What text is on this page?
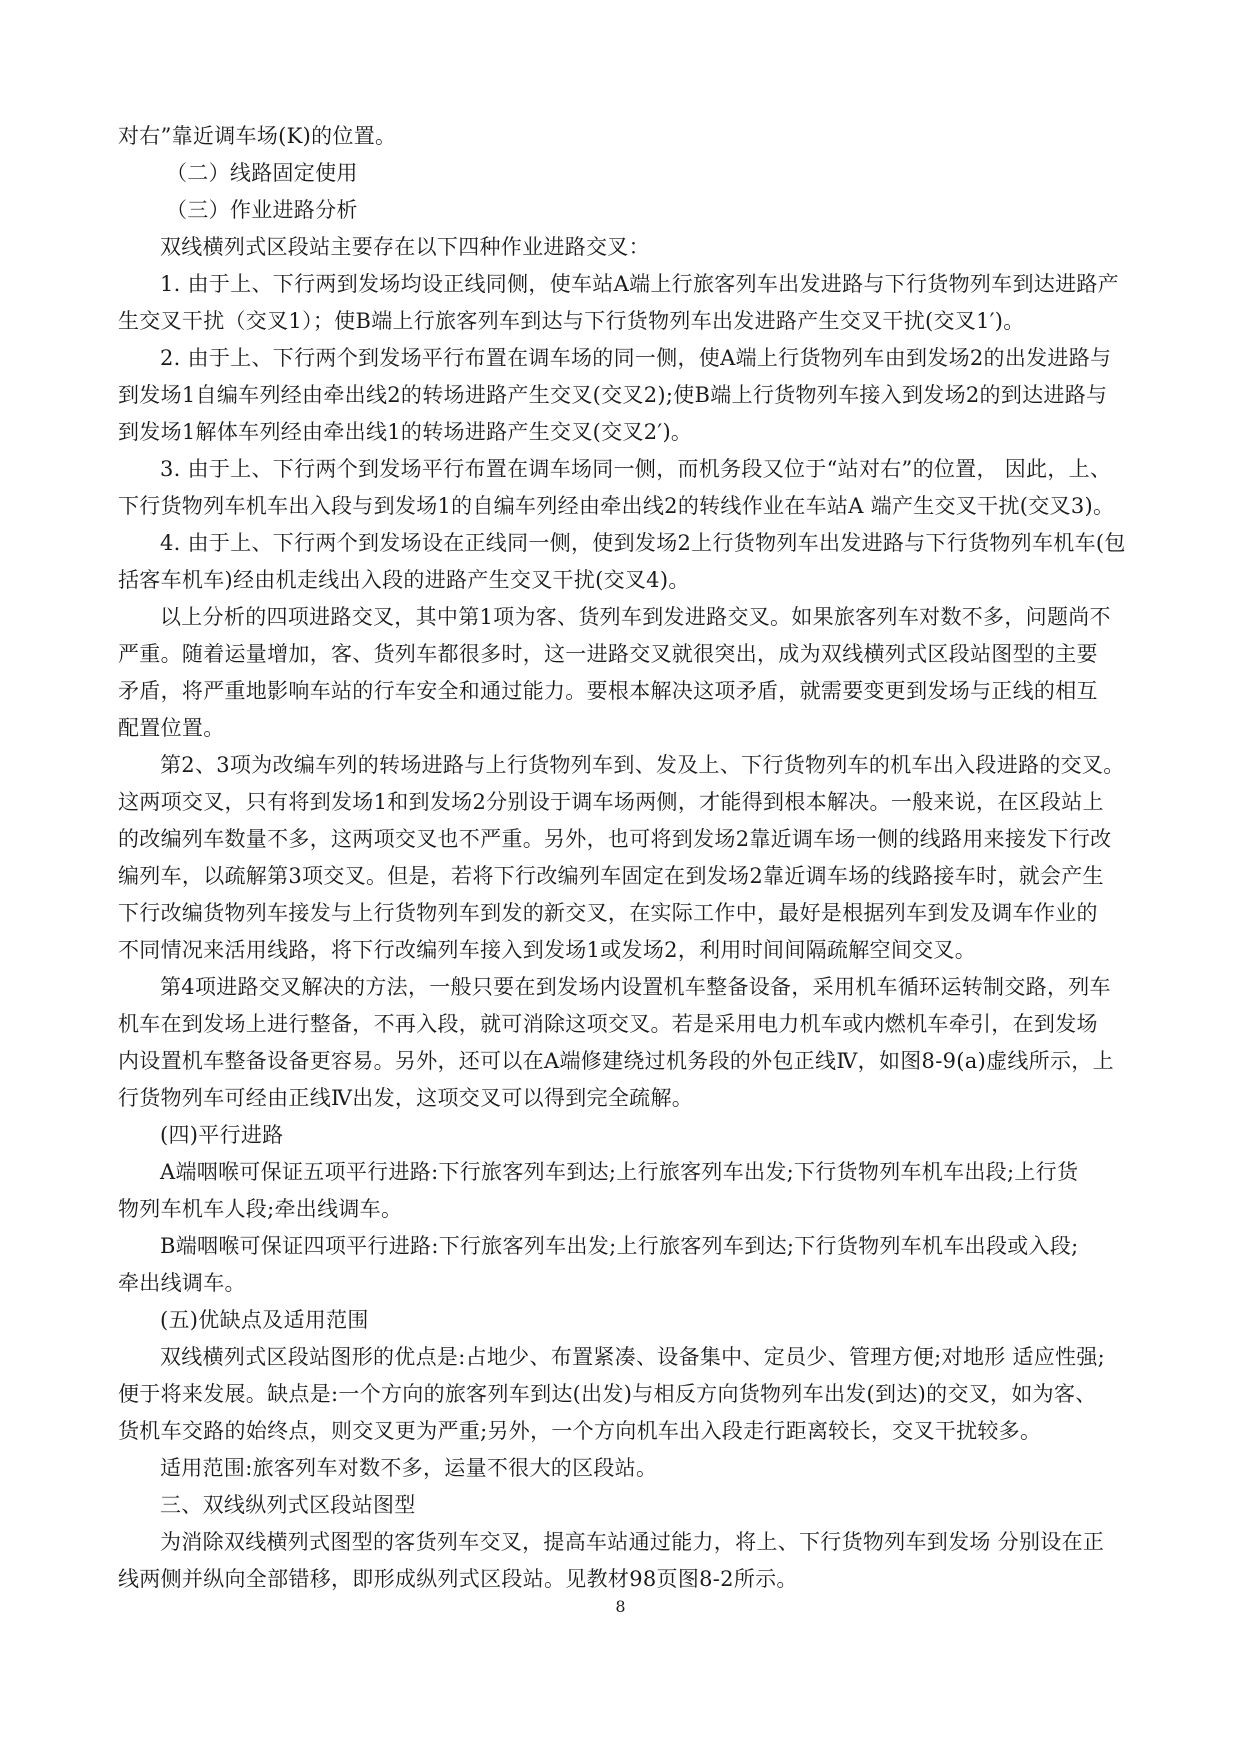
对右”靠近调车场(K)的位置。
（二）线路固定使用
（三）作业进路分析
双线横列式区段站主要存在以下四种作业进路交叉：
1. 由于上、下行两到发场均设正线同侧，使车站A端上行旅客列车出发进路与下行货物列车到达进路产
生交叉干扰（交叉1）；使B端上行旅客列车到达与下行货物列车出发进路产生交叉干扰(交叉1′)。
2. 由于上、下行两个到发场平行布置在调车场的同一侧，使A端上行货物列车由到发场2的出发进路与
到发场1自编车列经由牵出线2的转场进路产生交叉(交叉2);使B端上行货物列车接入到发场2的到达进路与
到发场1解体车列经由牵出线1的转场进路产生交叉(交叉2′)。
3. 由于上、下行两个到发场平行布置在调车场同一侧，而机务段又位于“站对右”的位置， 因此，上、
下行货物列车机车出入段与到发场1的自编车列经由牵出线2的转线作业在车站A 端产生交叉干扰(交叉3)。
4. 由于上、下行两个到发场设在正线同一侧，使到发场2上行货物列车出发进路与下行货物列车机车(包
括客车机车)经由机走线出入段的进路产生交叉干扰(交叉4)。
以上分析的四项进路交叉，其中第1项为客、货列车到发进路交叉。如果旅客列车对数不多，问题尚不
严重。随着运量增加，客、货列车都很多时，这一进路交叉就很突出，成为双线横列式区段站图型的主要
矛盾，将严重地影响车站的行车安全和通过能力。要根本解决这项矛盾，就需要变更到发场与正线的相互
配置位置。
第2、3项为改编车列的转场进路与上行货物列车到、发及上、下行货物列车的机车出入段进路的交叉。
这两项交叉，只有将到发场1和到发场2分别设于调车场两侧，才能得到根本解决。一般来说，在区段站上
的改编列车数量不多，这两项交叉也不严重。另外，也可将到发场2靠近调车场一侧的线路用来接发下行改
编列车，以疏解第3项交叉。但是，若将下行改编列车固定在到发场2靠近调车场的线路接车时，就会产生
下行改编货物列车接发与上行货物列车到发的新交叉，在实际工作中，最好是根据列车到发及调车作业的
不同情况来活用线路，将下行改编列车接入到发场1或发场2，利用时间间隔疏解空间交叉。
第4项进路交叉解决的方法，一般只要在到发场内设置机车整备设备，采用机车循环运转制交路，列车
机车在到发场上进行整备，不再入段，就可消除这项交叉。若是采用电力机车或内燃机车牵引，在到发场
内设置机车整备设备更容易。另外，还可以在A端修建绕过机务段的外包正线Ⅳ，如图8-9(a)虚线所示，上
行货物列车可经由正线Ⅳ出发，这项交叉可以得到完全疏解。
(四)平行进路
A端咽喉可保证五项平行进路:下行旅客列车到达;上行旅客列车出发;下行货物列车机车出段;上行货
物列车机车人段;牵出线调车。
B端咽喉可保证四项平行进路:下行旅客列车出发;上行旅客列车到达;下行货物列车机车出段或入段;
牵出线调车。
(五)优缺点及适用范围
双线横列式区段站图形的优点是:占地少、布置紧凑、设备集中、定员少、管理方便;对地形 适应性强;
便于将来发展。缺点是:一个方向的旅客列车到达(出发)与相反方向货物列车出发(到达)的交叉，如为客、
货机车交路的始终点，则交叉更为严重;另外，一个方向机车出入段走行距离较长，交叉干扰较多。
适用范围:旅客列车对数不多，运量不很大的区段站。
三、双线纵列式区段站图型
为消除双线横列式图型的客货列车交叉，提高车站通过能力，将上、下行货物列车到发场 分别设在正
线两侧并纵向全部错移，即形成纵列式区段站。见教材98页图8-2所示。
8
